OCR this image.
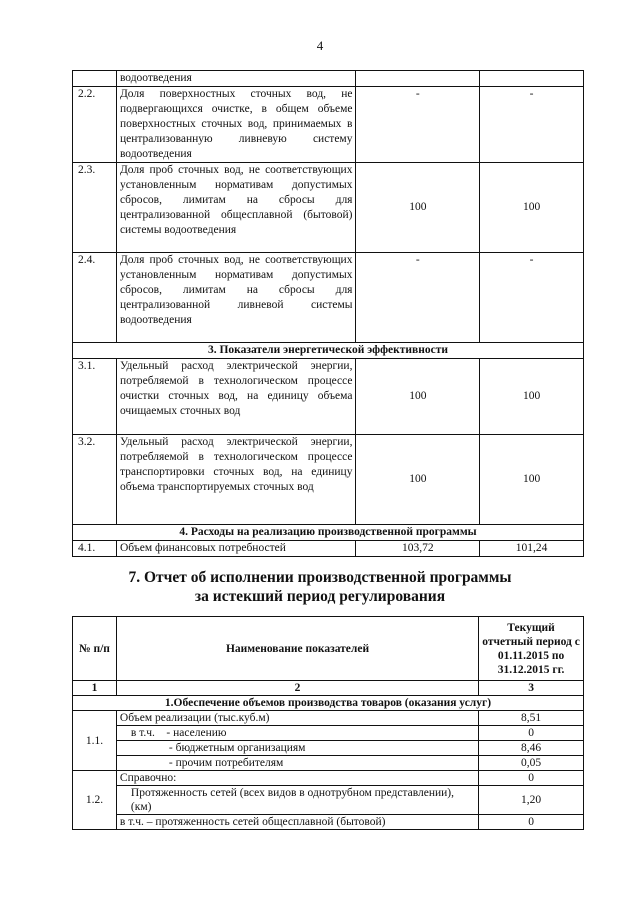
4
	водоотведения		
2.2.	Доля поверхностных сточных вод, не подвергающихся очистке, в общем объеме поверхностных сточных вод, принимаемых в централизованную ливневую систему водоотведения	-	-
2.3.	Доля проб сточных вод, не соответствующих установленным нормативам допустимых сбросов, лимитам на сбросы для централизованной общесплавной (бытовой) системы водоотведения	100	100
2.4.	Доля проб сточных вод, не соответствующих установленным нормативам допустимых сбросов, лимитам на сбросы для централизованной ливневой системы водоотведения	-	-
3. Показатели энергетической эффективности			
3.1.	Удельный расход электрической энергии, потребляемой в технологическом процессе очистки сточных вод, на единицу объема очищаемых сточных вод	100	100
3.2.	Удельный расход электрической энергии, потребляемой в технологическом процессе транспортировки сточных вод, на единицу объема транспортируемых сточных вод	100	100
4. Расходы на реализацию производственной программы			
4.1.	Объем финансовых потребностей	103,72	101,24
7. Отчет об исполнении производственной программы
за истекший период регулирования
№ п/п	Наименование показателей	Текущий отчетный период с 01.11.2015 по 31.12.2015 гг.
1	2	3
1.Обеспечение объемов производства товаров (оказания услуг)		
1.1.	Объем реализации (тыс.куб.м)	8,51
	в т.ч.    - населению	0
	- бюджетным организациям	8,46
	- прочим потребителям	0,05
1.2.	Справочно:	0
	Протяженность сетей (всех видов в однотрубном представлении), (км)	1,20
	в т.ч. – протяженность сетей общесплавной (бытовой)	0
